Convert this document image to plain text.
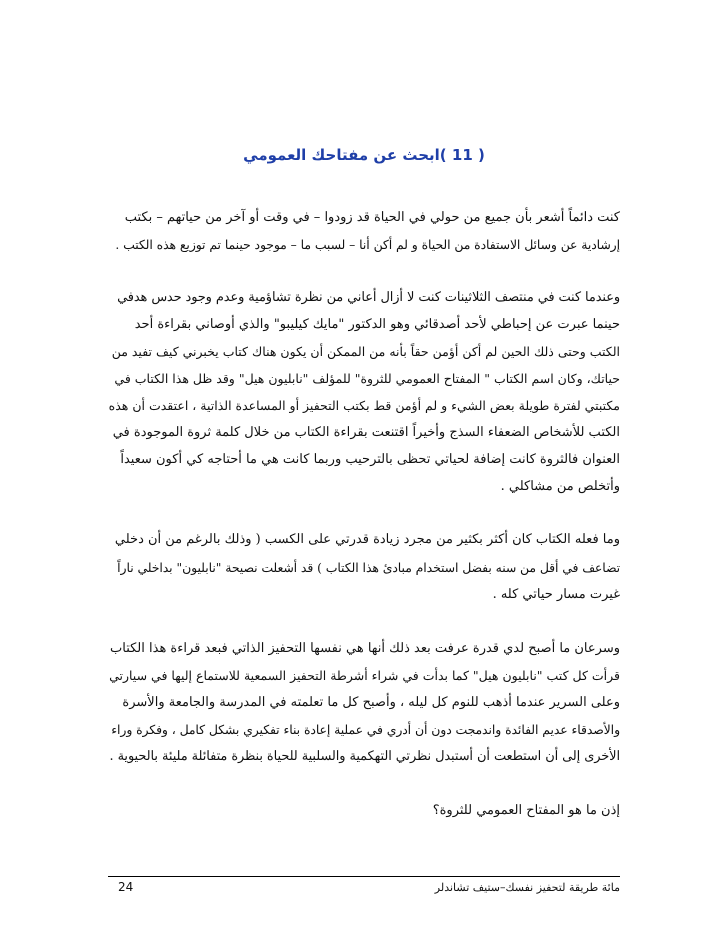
( 11 )ابحث عن مفتاحك العمومي
كنت دائماً أشعر بأن جميع من حولي في الحياة قد زودوا – في وقت أو آخر من حياتهم – بكتب
إرشادية عن وسائل الاستفادة من الحياة و لم أكن أنا – لسبب ما – موجود حينما تم توزيع هذه الكتب .
وعندما كنت في منتصف الثلاثينات كنت لا أزال أعاني من نظرة تشاؤمية وعدم وجود حدس هدفي
حينما عبرت عن إحباطي لأحد أصدقائي وهو الدكتور "مايك كيليبو" والذي أوصاني بقراءة أحد
الكتب وحتى ذلك الحين لم أكن أؤمن حقاً بأنه من الممكن أن يكون هناك كتاب يخبرني كيف تفيد من
حياتك، وكان اسم الكتاب " المفتاح العمومي للثروة" للمؤلف "نابليون هيل" وقد ظل هذا الكتاب في
مكتبتي لفترة طويلة بعض الشيء و لم أؤمن قط بكتب التحفيز أو المساعدة الذاتية ، اعتقدت أن هذه
الكتب للأشخاص الضعفاء السذج وأخيراً اقتنعت بقراءة الكتاب من خلال كلمة ثروة الموجودة في
العنوان فالثروة كانت إضافة لحياتي تحظى بالترحيب وربما كانت هي ما أحتاجه كي أكون سعيداً
وأتخلص من مشاكلي .
وما فعله الكتاب كان أكثر بكثير من مجرد زيادة قدرتي على الكسب ( وذلك بالرغم من أن دخلي
تضاعف في أقل من سنه بفضل استخدام مبادئ هذا الكتاب ) قد أشعلت نصيحة "نابليون" بداخلي ناراً
غيرت مسار حياتي كله .
وسرعان ما أصبح لدي قدرة عرفت بعد ذلك أنها هي نفسها التحفيز الذاتي فبعد قراءة هذا الكتاب
قرأت كل كتب "نابليون هيل" كما بدأت في شراء أشرطة التحفيز السمعية للاستماع إليها في سيارتي
وعلى السرير عندما أذهب للنوم كل ليله ، وأصبح كل ما تعلمته في المدرسة والجامعة والأسرة
والأصدقاء عديم الفائدة واندمجت دون أن أدري في عملية إعادة بناء تفكيري بشكل كامل ، وفكرة وراء
الأخرى إلى أن استطعت أن أستبدل نظرتي التهكمية والسلبية للحياة بنظرة متفائلة مليئة بالحيوية .
إذن ما هو المفتاح العمومي للثروة؟
24	مائة طريقة لتحفيز نفسك–ستيف تشاندلر
